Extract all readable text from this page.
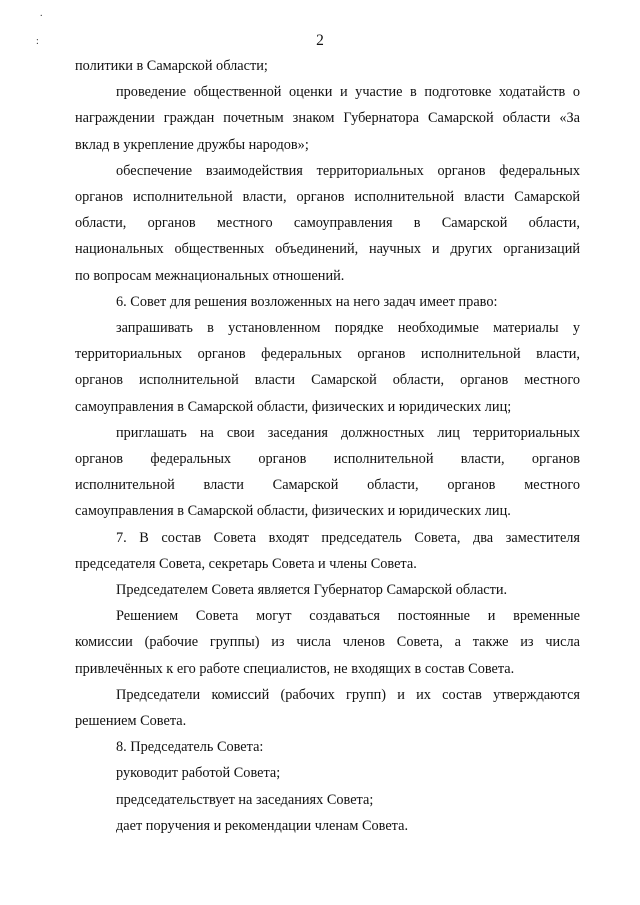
.
:	2
политики в Самарской области;
проведение общественной оценки и участие в подготовке ходатайств о
награждении граждан почетным знаком Губернатора Самарской области «За
вклад в укрепление дружбы народов»;
обеспечение взаимодействия территориальных органов федеральных
органов исполнительной власти, органов исполнительной власти Самарской
области, органов местного самоуправления в Самарской области,
национальных общественных объединений, научных и других организаций
по вопросам межнациональных отношений.
6. Совет для решения возложенных на него задач имеет право:
запрашивать в установленном порядке необходимые материалы у
территориальных органов федеральных органов исполнительной власти,
органов исполнительной власти Самарской области, органов местного
самоуправления в Самарской области, физических и юридических лиц;
приглашать на свои заседания должностных лиц территориальных
органов федеральных органов исполнительной власти, органов
исполнительной власти Самарской области, органов местного
самоуправления в Самарской области, физических и юридических лиц.
7. В состав Совета входят председатель Совета, два заместителя
председателя Совета, секретарь Совета и члены Совета.
Председателем Совета является Губернатор Самарской области.
Решением Совета могут создаваться постоянные и временные
комиссии (рабочие группы) из числа членов Совета, а также из числа
привлечённых к его работе специалистов, не входящих в состав Совета.
Председатели комиссий (рабочих групп) и их состав утверждаются
решением Совета.
8. Председатель Совета:
руководит работой Совета;
председательствует на заседаниях Совета;
дает поручения и рекомендации членам Совета.
